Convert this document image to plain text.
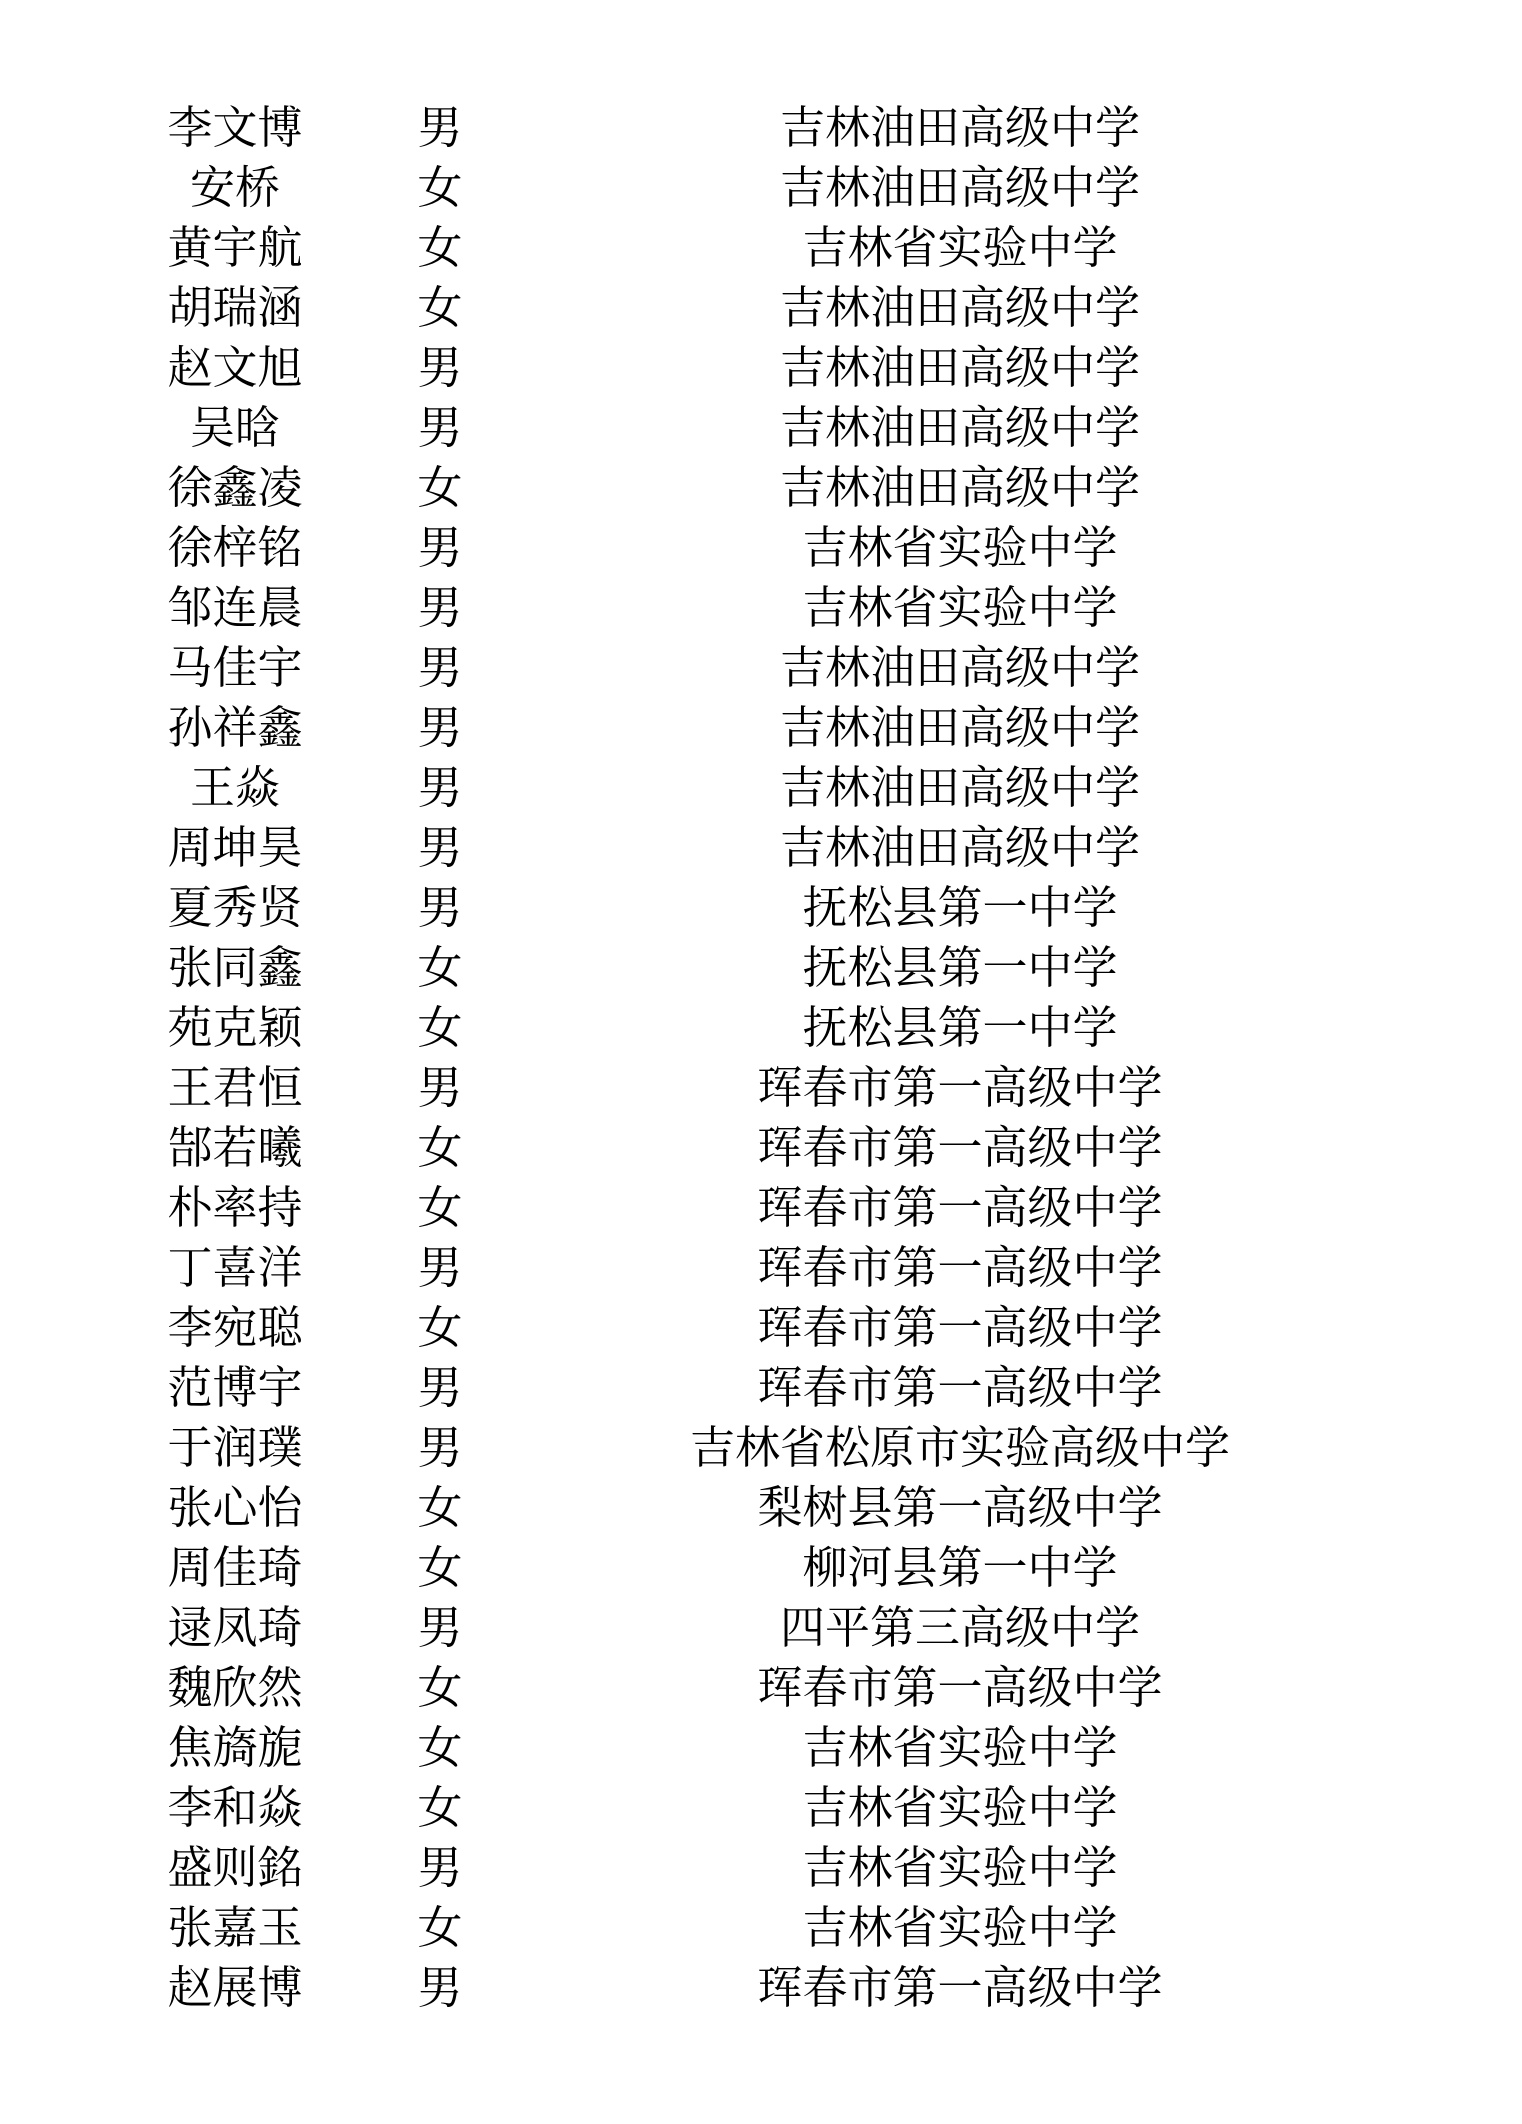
李文博	男	吉林油田高级中学
安桥	女	吉林油田高级中学
黄宇航	女	吉林省实验中学
胡瑞涵	女	吉林油田高级中学
赵文旭	男	吉林油田高级中学
吴晗	男	吉林油田高级中学
徐鑫凌	女	吉林油田高级中学
徐梓铭	男	吉林省实验中学
邹连晨	男	吉林省实验中学
马佳宇	男	吉林油田高级中学
孙祥鑫	男	吉林油田高级中学
王焱	男	吉林油田高级中学
周坤昊	男	吉林油田高级中学
夏秀贤	男	抚松县第一中学
张同鑫	女	抚松县第一中学
苑克颖	女	抚松县第一中学
王君恒	男	珲春市第一高级中学
郜若曦	女	珲春市第一高级中学
朴率持	女	珲春市第一高级中学
丁喜洋	男	珲春市第一高级中学
李宛聪	女	珲春市第一高级中学
范博宇	男	珲春市第一高级中学
于润璞	男	吉林省松原市实验高级中学
张心怡	女	梨树县第一高级中学
周佳琦	女	柳河县第一中学
逯凤琦	男	四平第三高级中学
魏欣然	女	珲春市第一高级中学
焦旖旎	女	吉林省实验中学
李和焱	女	吉林省实验中学
盛则銘	男	吉林省实验中学
张嘉玉	女	吉林省实验中学
赵展博	男	珲春市第一高级中学
